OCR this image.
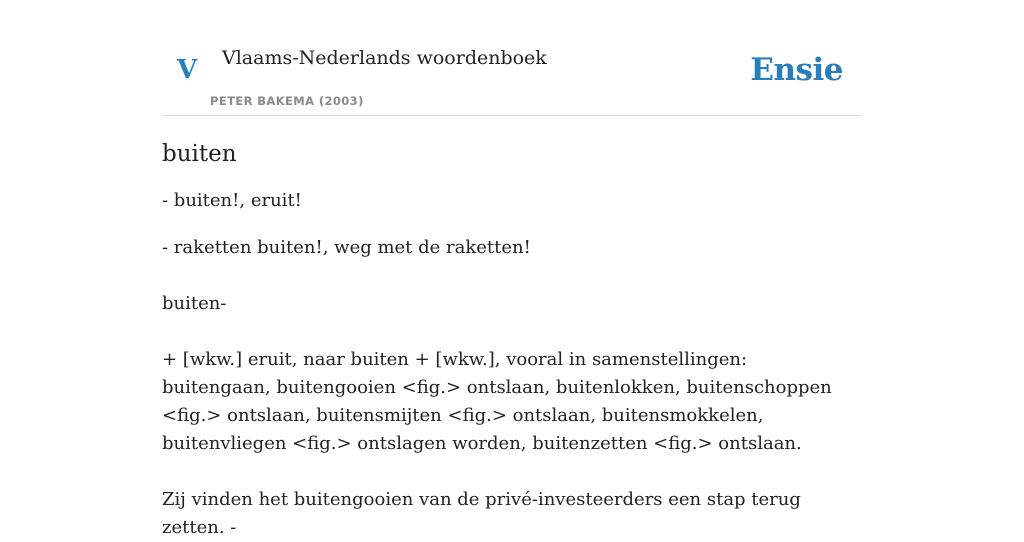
V Vlaams-Nederlands woordenboek
PETER BAKEMA (2003)
Ensie
buiten

- buiten!, eruit!

- raketten buiten!, weg met de raketten!

buiten-

+ [wkw.] eruit, naar buiten + [wkw.], vooral in samenstellingen: buitengaan, buitengooien <fig.> ontslaan, buitenlokken, buitenschoppen <fig.> ontslaan, buitensmijten <fig.> ontslaan, buitensmokkelen, buitenvliegen <fig.> ontslagen worden, buitenzetten <fig.> ontslaan.

Zij vinden het buitengooien van de privé-investeerders een stap terug zetten. -
